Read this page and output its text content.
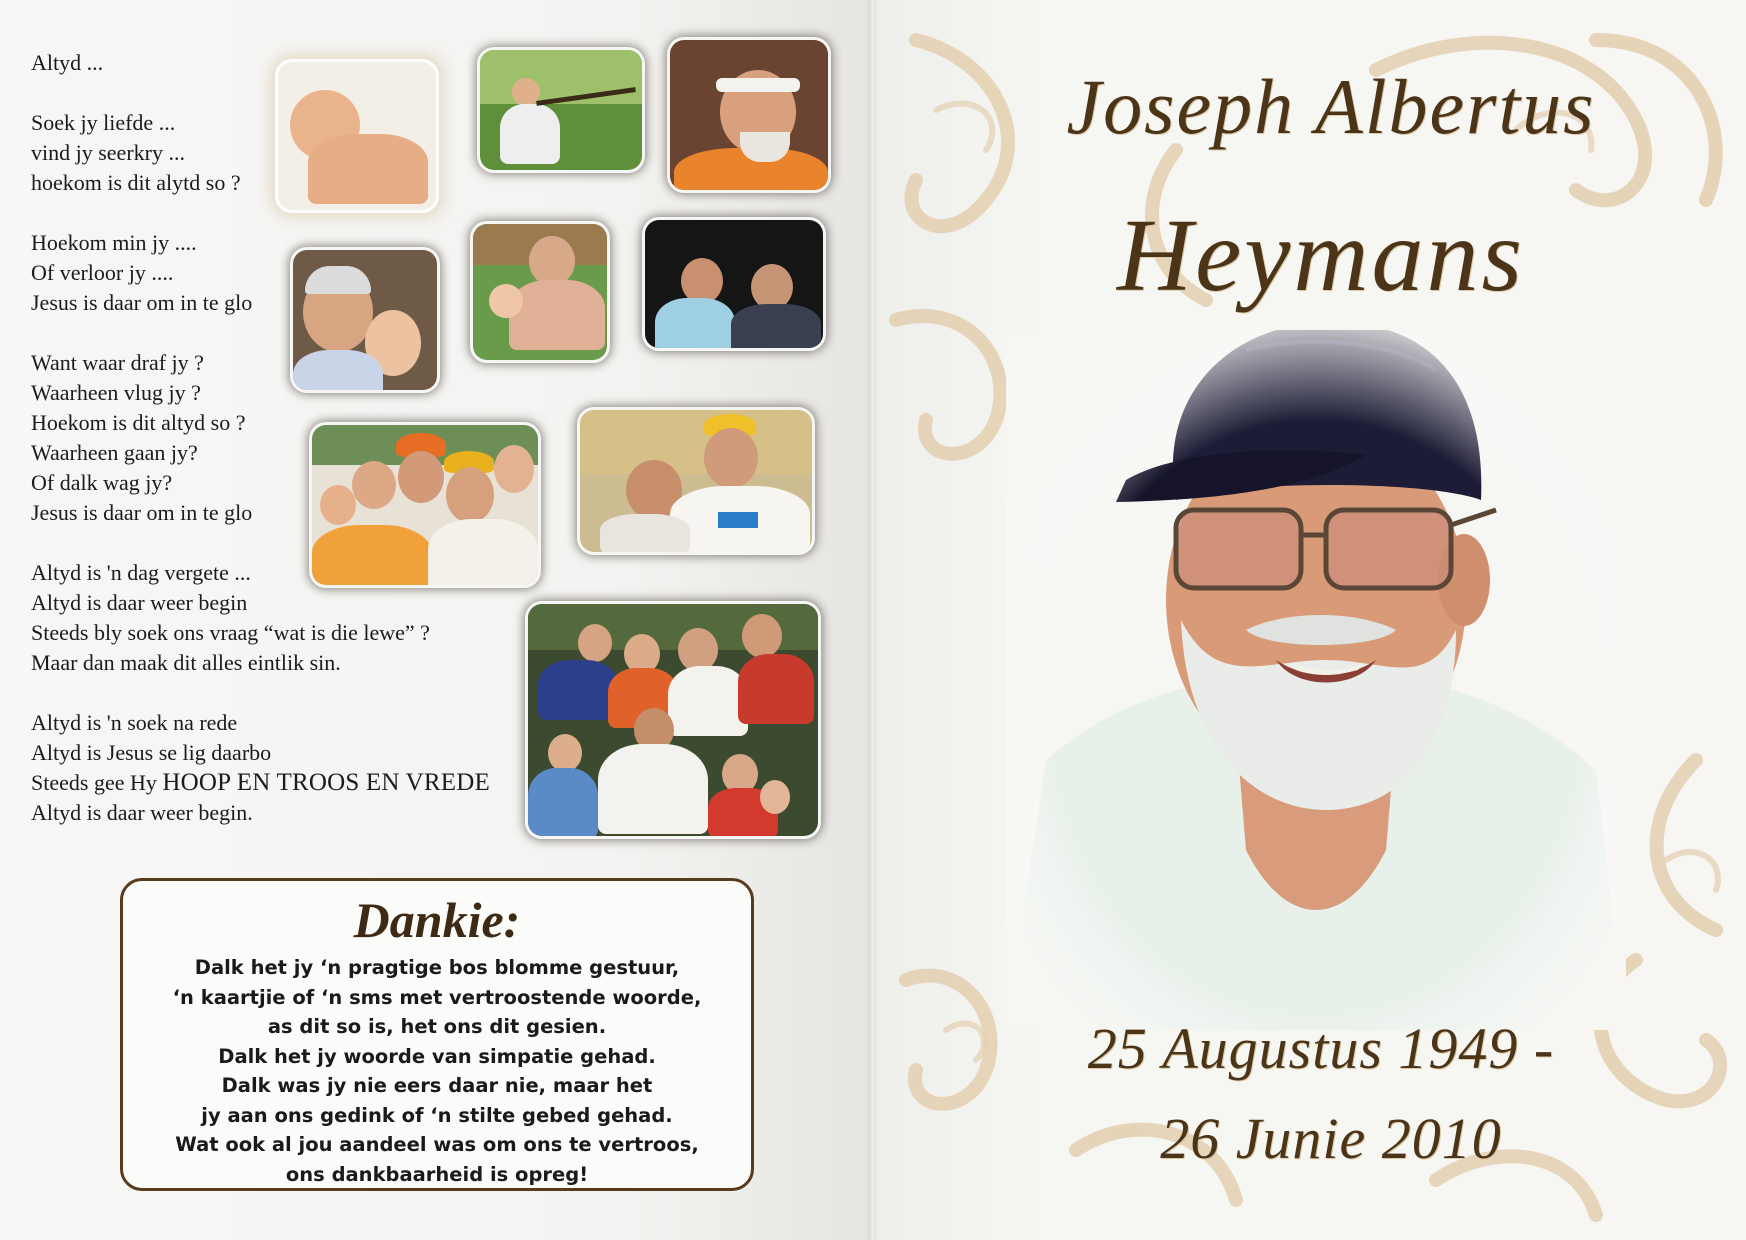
Altyd ...
Soek jy liefde ...
vind jy seerkry ...
hoekom is dit alytd so ?
Hoekom min jy ....
Of verloor jy ....
Jesus is daar om in te glo
Want waar draf jy ?
Waarheen vlug jy ?
Hoekom is dit altyd so ?
Waarheen gaan jy?
Of dalk wag jy?
Jesus is daar om in te glo
Altyd is 'n dag vergete ...
Altyd is daar weer begin
Steeds bly soek ons vraag “wat is die lewe” ?
Maar dan maak dit alles eintlik sin.
Altyd is 'n soek na rede
Altyd is Jesus se lig daarbo
Steeds gee Hy HOOP EN TROOS EN VREDE
Altyd is daar weer begin.
Dankie:
Dalk het jy ‘n pragtige bos blomme gestuur,
‘n kaartjie of ‘n sms met vertroostende woorde,
as dit so is, het ons dit gesien.
Dalk het jy woorde van simpatie gehad.
Dalk was jy nie eers daar nie, maar het
jy aan ons gedink of ‘n stilte gebed gehad.
Wat ook al jou aandeel was om ons te vertroos,
ons dankbaarheid is opreg!
Joseph Albertus
Heymans
25 Augustus 1949 -
26 Junie 2010
